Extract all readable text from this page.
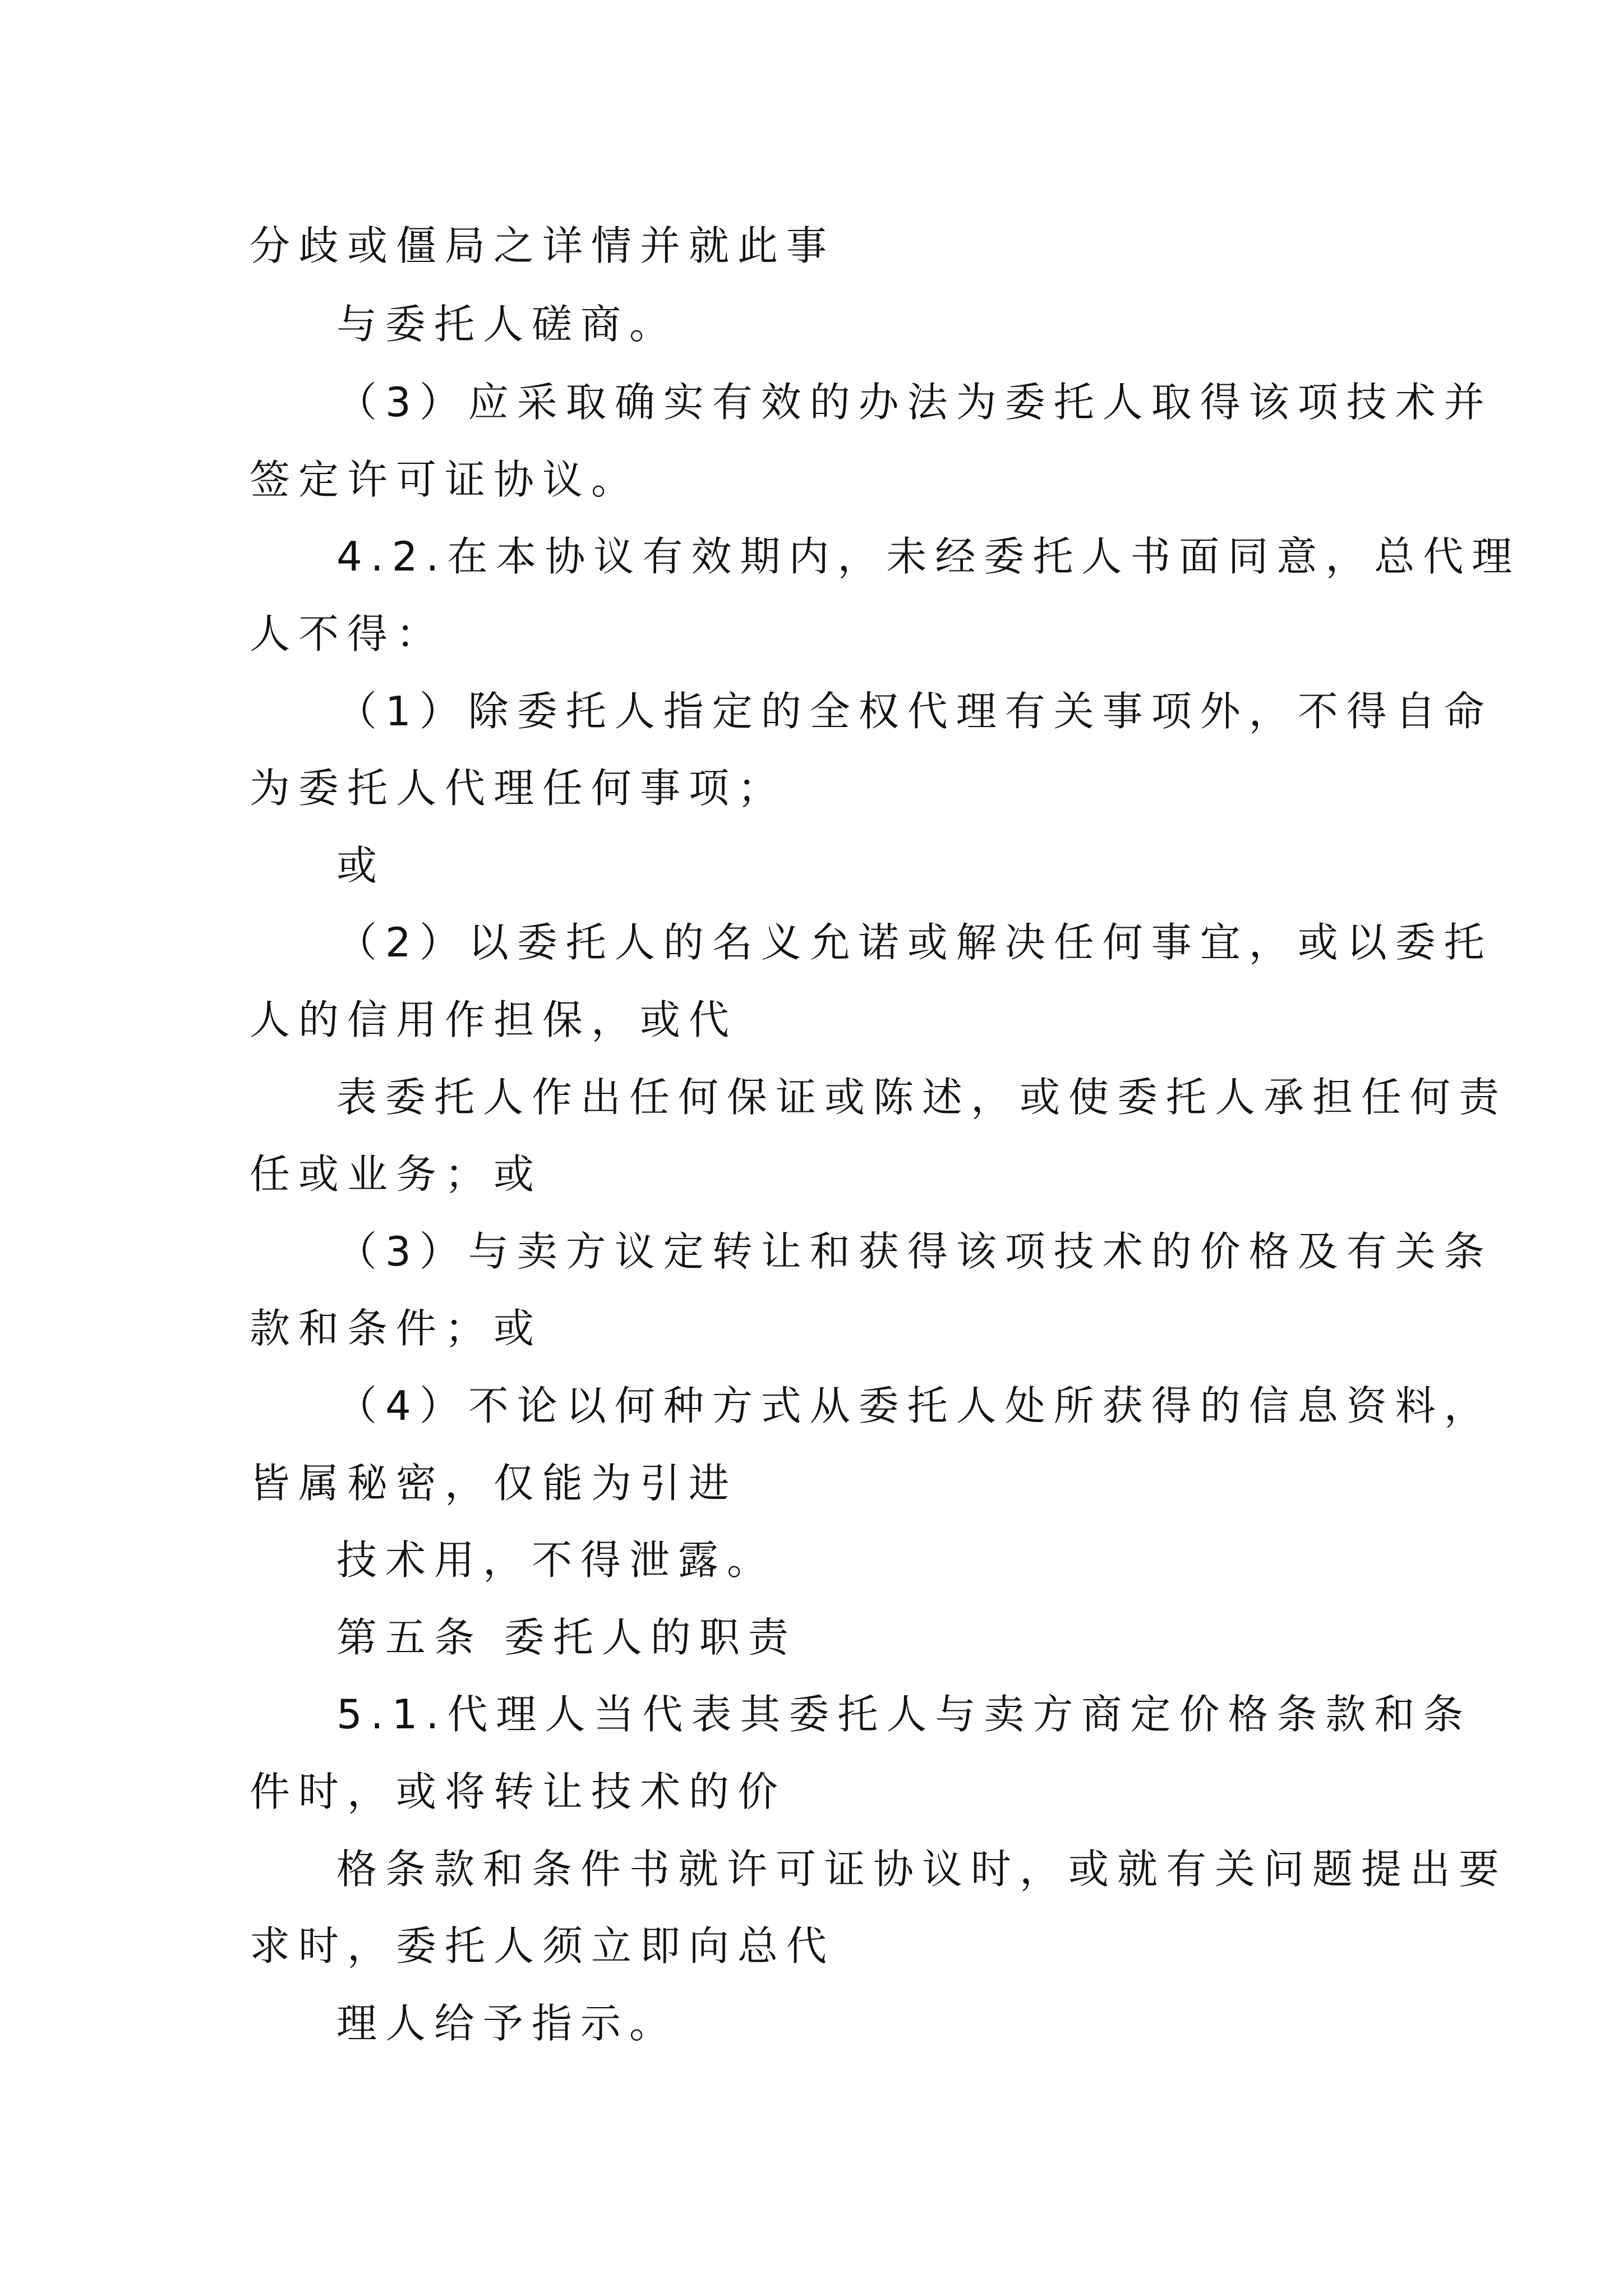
分歧或僵局之详情并就此事
与委托人磋商。
（3）应采取确实有效的办法为委托人取得该项技术并
签定许可证协议。
4.2.在本协议有效期内，未经委托人书面同意，总代理
人不得：
（1）除委托人指定的全权代理有关事项外，不得自命
为委托人代理任何事项；
或
（2）以委托人的名义允诺或解决任何事宜，或以委托
人的信用作担保，或代
表委托人作出任何保证或陈述，或使委托人承担任何责
任或业务；或
（3）与卖方议定转让和获得该项技术的价格及有关条
款和条件；或
（4）不论以何种方式从委托人处所获得的信息资料，
皆属秘密，仅能为引进
技术用，不得泄露。
第五条 委托人的职责
5.1.代理人当代表其委托人与卖方商定价格条款和条
件时，或将转让技术的价
格条款和条件书就许可证协议时，或就有关问题提出要
求时，委托人须立即向总代
理人给予指示。
